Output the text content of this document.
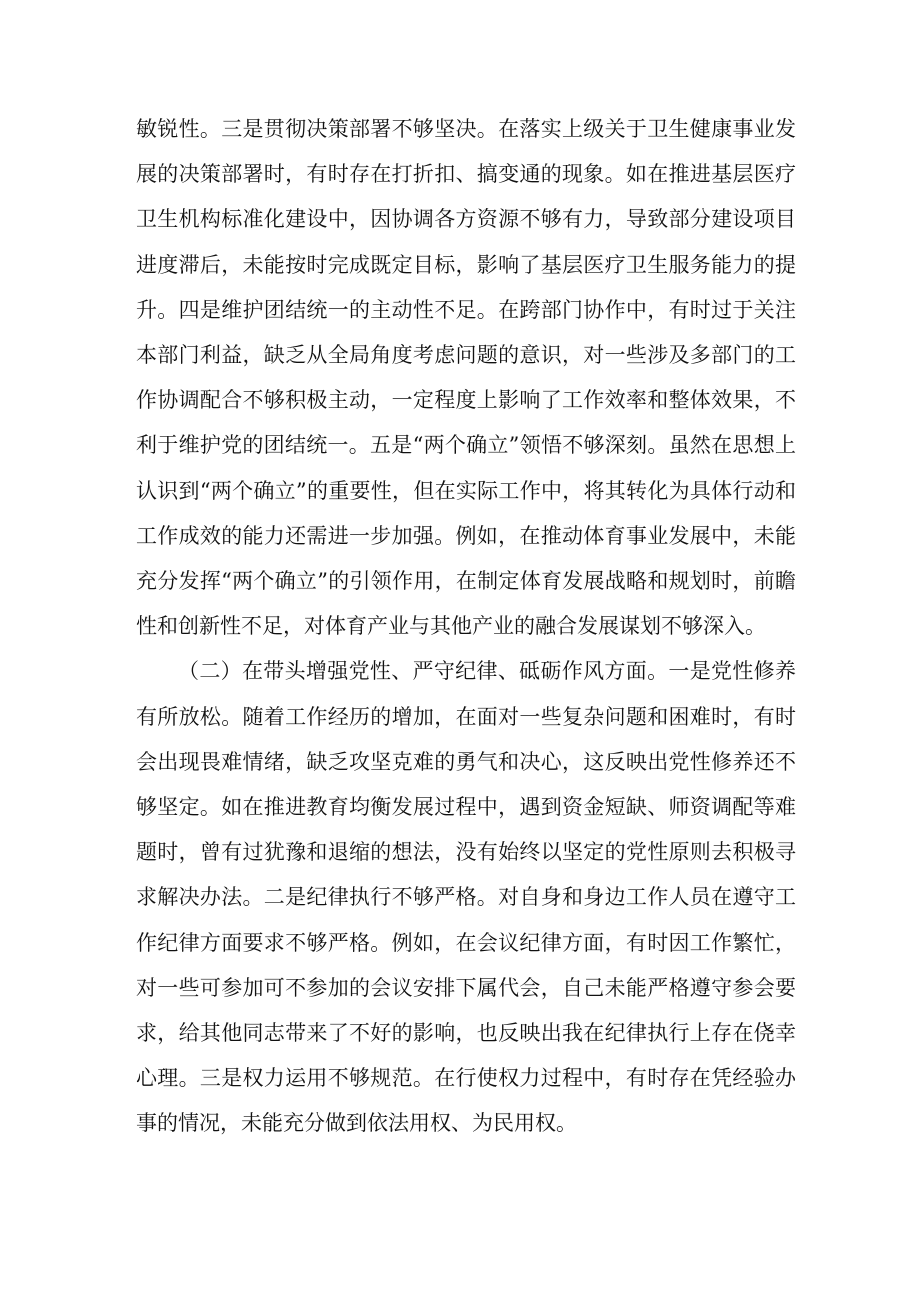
敏锐性。三是贯彻决策部署不够坚决。在落实上级关于卫生健康事业发展的决策部署时，有时存在打折扣、搞变通的现象。如在推进基层医疗卫生机构标准化建设中，因协调各方资源不够有力，导致部分建设项目进度滞后，未能按时完成既定目标，影响了基层医疗卫生服务能力的提升。四是维护团结统一的主动性不足。在跨部门协作中，有时过于关注本部门利益，缺乏从全局角度考虑问题的意识，对一些涉及多部门的工作协调配合不够积极主动，一定程度上影响了工作效率和整体效果，不利于维护党的团结统一。五是“两个确立”领悟不够深刻。虽然在思想上认识到“两个确立”的重要性，但在实际工作中，将其转化为具体行动和工作成效的能力还需进一步加强。例如，在推动体育事业发展中，未能充分发挥“两个确立”的引领作用，在制定体育发展战略和规划时，前瞻性和创新性不足，对体育产业与其他产业的融合发展谋划不够深入。

（二）在带头增强党性、严守纪律、砥砺作风方面。一是党性修养有所放松。随着工作经历的增加，在面对一些复杂问题和困难时，有时会出现畏难情绪，缺乏攻坚克难的勇气和决心，这反映出党性修养还不够坚定。如在推进教育均衡发展过程中，遇到资金短缺、师资调配等难题时，曾有过犹豫和退缩的想法，没有始终以坚定的党性原则去积极寻求解决办法。二是纪律执行不够严格。对自身和身边工作人员在遵守工作纪律方面要求不够严格。例如，在会议纪律方面，有时因工作繁忙，对一些可参加可不参加的会议安排下属代会，自己未能严格遵守参会要求，给其他同志带来了不好的影响，也反映出我在纪律执行上存在侥幸心理。三是权力运用不够规范。在行使权力过程中，有时存在凭经验办事的情况，未能充分做到依法用权、为民用权。
